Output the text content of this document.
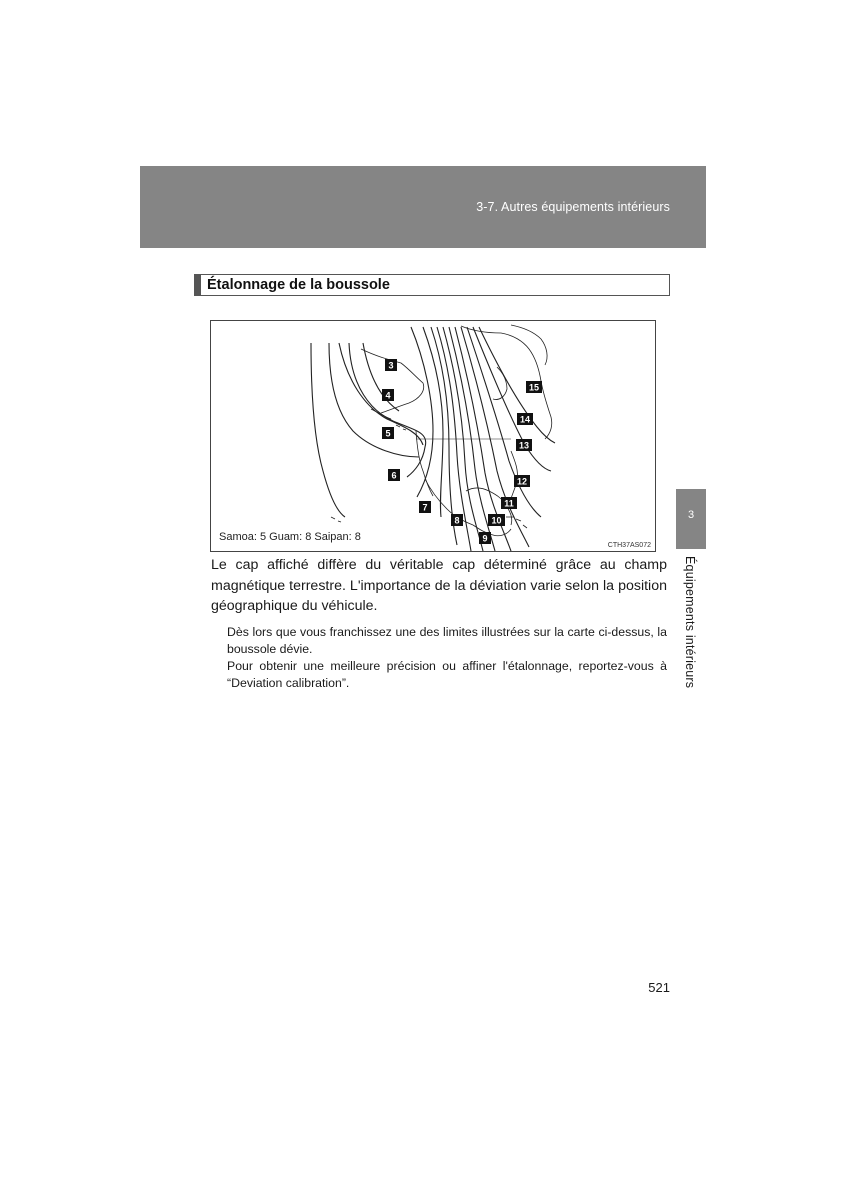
3-7. Autres équipements intérieurs
3
Équipements intérieurs
Étalonnage de la boussole
3
4
5
6
7
8
9
10
11
12
13
14
15
Samoa: 5 Guam: 8 Saipan: 8
CTH37AS072

Le cap affiché diffère du véritable cap déterminé grâce au champ magnétique terrestre. L'importance de la déviation varie selon la position géographique du véhicule.

Dès lors que vous franchissez une des limites illustrées sur la carte ci-dessus, la boussole dévie.

Pour obtenir une meilleure précision ou affiner l'étalonnage, reportez-vous à “Deviation calibration”.

521
